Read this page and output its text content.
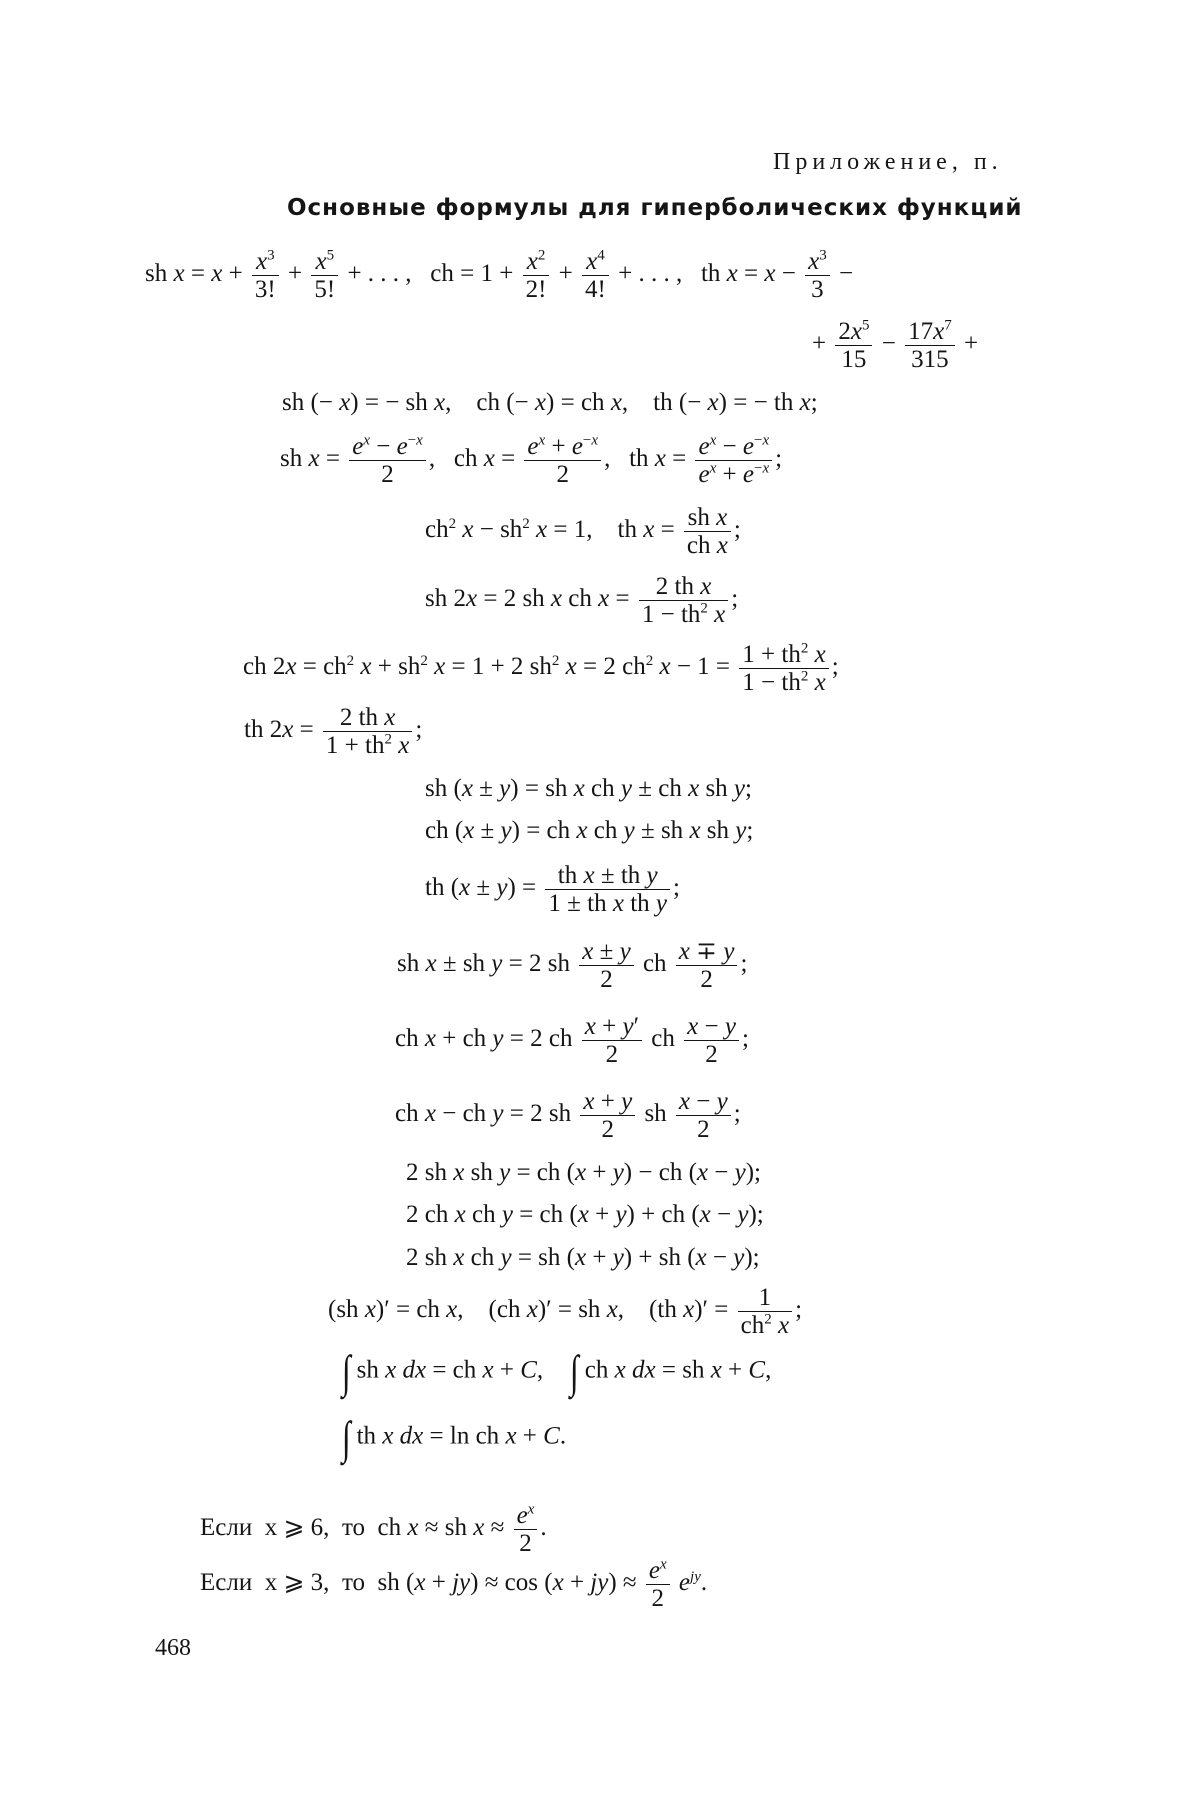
Приложение, п.
Основные формулы для гиперболических функций
sh $x = x + \frac{x^3}{3!} + \frac{x^5}{5!}$ + . . . ,   ch = $1 + \frac{x^2}{2!} + \frac{x^4}{4!}$ + . . . ,   th $x = x - \frac{x^3}{3}$ −
+ $\frac{2x^5}{15} - \frac{17x^7}{315}$ +
sh (− x) = − sh x,    ch (− x) = ch x,    th (− x) = − th x;
sh $x = \frac{e^x - e^{-x}}{2}$ ,   ch $x = \frac{e^x + e^{-x}}{2}$ ,   th $x = \frac{e^x - e^{-x}}{e^x + e^{-x}}$ ;
$ch^2$ $x - sh^2$ x = 1,    th $x = \frac{\text{sh x}}{\text{ch x}}$ ;
sh 2x = 2 sh x ch $x = \frac{\text{2 th x}}{1 - th^2 x}$ ;
ch $2x = ch^2$ $x + sh^2$ x = 1 + 2 $sh^2$ x = 2 $ch^2$ $x - 1 = \frac{1 + th^2 x}{1 - th^2 x}$ ;
th $2x = \frac{\text{2 th x}}{1 + th^2 x}$ ;
sh (x ± y) = sh x ch y ± ch x sh y;
ch (x ± y) = ch x ch y ± sh x sh y;
th $(x \pm y) = \frac{\text{th x ± th y}}{\text{1 ± th x th y}}$ ;
sh x ± sh y = 2 sh $\frac{x \pm y}{2}$ ch $\frac{x \mp y}{2}$ ;
ch x + ch y = 2 ch $\frac{x + y'}{2}$ ch $\frac{x - y}{2}$ ;
ch x − ch y = 2 sh $\frac{x + y}{2}$ sh $\frac{x - y}{2}$ ;
2 sh x sh y = ch (x + y) − ch (x − y);
2 ch x ch y = ch (x + y) + ch (x − y);
2 sh x ch y = sh (x + y) + sh (x − y);
(sh x)′ = ch x,    (ch x)′ = sh x,    (th $x)' = \frac{1}{ch^2 x}$ ;
∫ sh x dx = ch x + C,    ∫ ch x dx = sh x + C,
∫ th x dx = ln ch x + C.
Если x ⩾ 6, то  ch x ≈ sh $x \approx \frac{e^x}{2}$ .
Если x ⩾ 3, то  sh $(x + jy) \approx \cos (x + jy) \approx \frac{e^x}{2} e^{jy}$.
468
